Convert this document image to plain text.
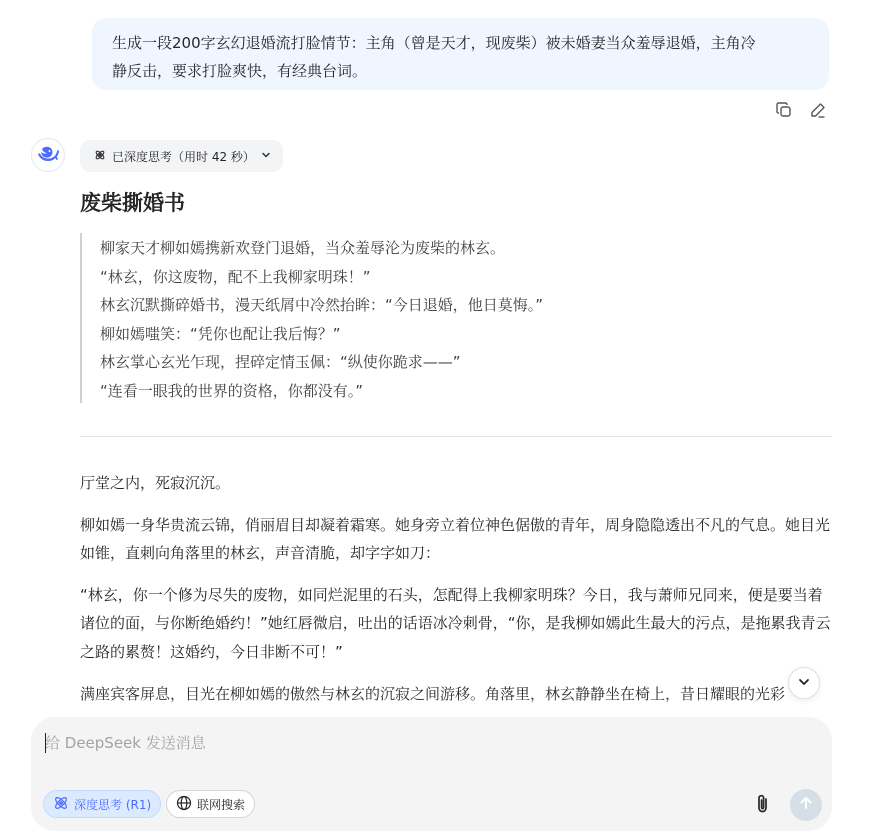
生成一段200字玄幻退婚流打脸情节：主角（曾是天才，现废柴）被未婚妻当众羞辱退婚，主角冷
静反击，要求打脸爽快，有经典台词。
已深度思考（用时 42 秒）
废柴撕婚书

柳家天才柳如嫣携新欢登门退婚，当众羞辱沦为废柴的林玄。

“林玄，你这废物，配不上我柳家明珠！”

林玄沉默撕碎婚书，漫天纸屑中冷然抬眸：“今日退婚，他日莫悔。”

柳如嫣嗤笑：“凭你也配让我后悔？”

林玄掌心玄光乍现，捏碎定情玉佩：“纵使你跪求——”

“连看一眼我的世界的资格，你都没有。”

厅堂之内，死寂沉沉。

柳如嫣一身华贵流云锦，俏丽眉目却凝着霜寒。她身旁立着位神色倨傲的青年，周身隐隐透出不凡的气息。她目光如锥，直刺向角落里的林玄，声音清脆，却字字如刀：

“林玄，你一个修为尽失的废物，如同烂泥里的石头，怎配得上我柳家明珠？今日，我与萧师兄同来，便是要当着诸位的面，与你断绝婚约！”她红唇微启，吐出的话语冰冷刺骨，“你，是我柳如嫣此生最大的污点，是拖累我青云之路的累赘！这婚约，今日非断不可！”

满座宾客屏息，目光在柳如嫣的傲然与林玄的沉寂之间游移。角落里，林玄静静坐在椅上，昔日耀眼的光彩

给 DeepSeek 发送消息
深度思考 (R1)	联网搜索
